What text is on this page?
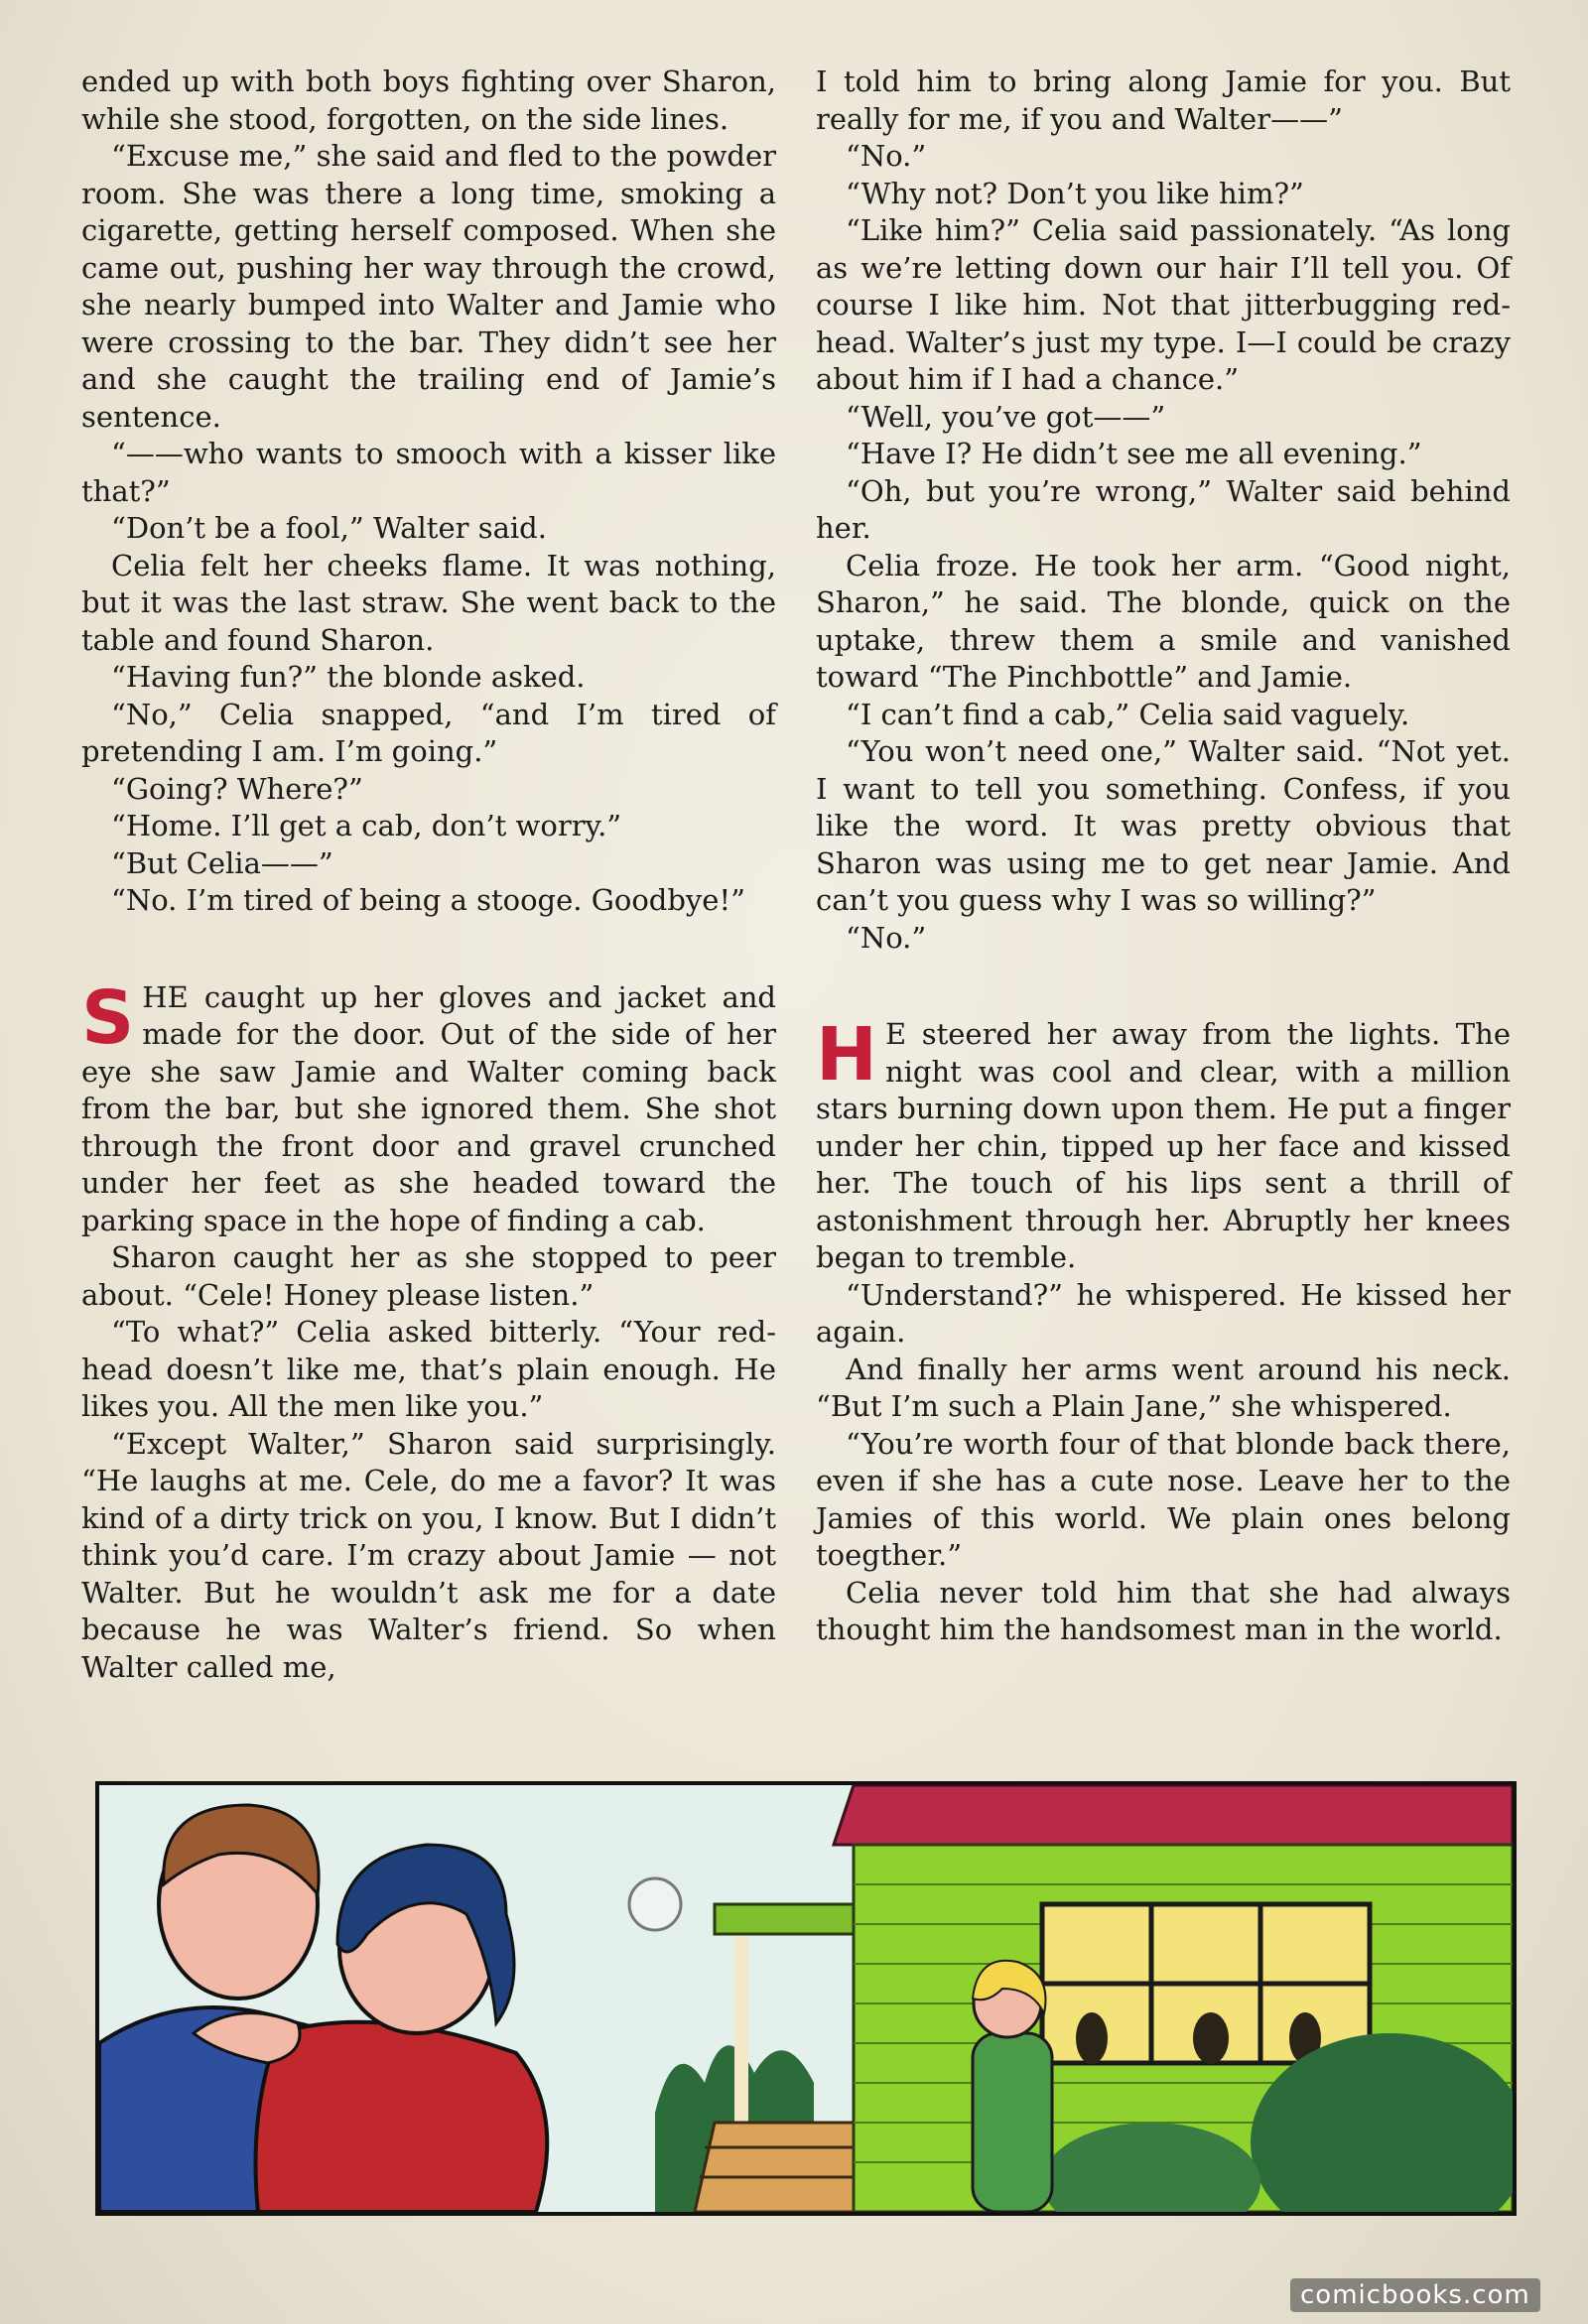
ended up with both boys fighting over Sharon, while she stood, forgotten, on the side lines.

“Excuse me,” she said and fled to the powder room. She was there a long time, smoking a cigarette, getting herself composed. When she came out, pushing her way through the crowd, she nearly bumped into Walter and Jamie who were crossing to the bar. They didn’t see her and she caught the trailing end of Jamie’s sentence.

“——who wants to smooch with a kisser like that?”

“Don’t be a fool,” Walter said.

Celia felt her cheeks flame. It was nothing, but it was the last straw. She went back to the table and found Sharon.

“Having fun?” the blonde asked.

“No,” Celia snapped, “and I’m tired of pretending I am. I’m going.”

“Going? Where?”

“Home. I’ll get a cab, don’t worry.”

“But Celia——”

“No. I’m tired of being a stooge. Goodbye!”

SHE caught up her gloves and jacket and made for the door. Out of the side of her eye she saw Jamie and Walter coming back from the bar, but she ignored them. She shot through the front door and gravel crunched under her feet as she headed toward the parking space in the hope of finding a cab.

Sharon caught her as she stopped to peer about. “Cele! Honey please listen.”

“To what?” Celia asked bitterly. “Your red-head doesn’t like me, that’s plain enough. He likes you. All the men like you.”

“Except Walter,” Sharon said surprisingly. “He laughs at me. Cele, do me a favor? It was kind of a dirty trick on you, I know. But I didn’t think you’d care. I’m crazy about Jamie — not Walter. But he wouldn’t ask me for a date because he was Walter’s friend. So when Walter called me,

I told him to bring along Jamie for you. But really for me, if you and Walter——”

“No.”

“Why not? Don’t you like him?”

“Like him?” Celia said passionately. “As long as we’re letting down our hair I’ll tell you. Of course I like him. Not that jitterbugging red-head. Walter’s just my type. I—I could be crazy about him if I had a chance.”

“Well, you’ve got——”

“Have I? He didn’t see me all evening.”

“Oh, but you’re wrong,” Walter said behind her.

Celia froze. He took her arm. “Good night, Sharon,” he said. The blonde, quick on the uptake, threw them a smile and vanished toward “The Pinchbottle” and Jamie.

“I can’t find a cab,” Celia said vaguely.

“You won’t need one,” Walter said. “Not yet. I want to tell you something. Confess, if you like the word. It was pretty obvious that Sharon was using me to get near Jamie. And can’t you guess why I was so willing?”

“No.”

H E steered her away from the lights. The night was cool and clear, with a million stars burning down upon them. He put a finger under her chin, tipped up her face and kissed her. The touch of his lips sent a thrill of astonishment through her. Abruptly her knees began to tremble.

“Understand?” he whispered. He kissed her again.

And finally her arms went around his neck. “But I’m such a Plain Jane,” she whispered.

“You’re worth four of that blonde back there, even if she has a cute nose. Leave her to the Jamies of this world. We plain ones belong toegther.”

Celia never told him that she had always thought him the handsomest man in the world.

comicbooks.com
